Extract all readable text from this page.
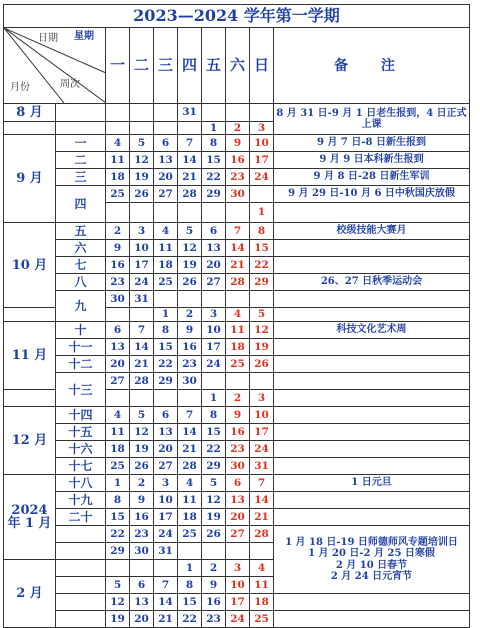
2023—2024 学年第一学期									

日期 星期
月份 周次		一	二	三	四	五	六	日	备 注
8 月					31				8 月 31 日-9 月 1 日老生报到，4 日正式上课
						1	2	3	
9 月	一	4	5	6	7	8	9	10	9 月 7 日-8 日新生报到
	二	11	12	13	14	15	16	17	9 月 9 日本科新生报到
	三	18	19	20	21	22	23	24	9 月 8 日-28 日新生军训
	四	25	26	27	28	29	30		9 月 29 日-10 月 6 日中秋国庆放假
								1	
10 月	五	2	3	4	5	6	7	8	校级技能大赛月
	六	9	10	11	12	13	14	15	
	七	16	17	18	19	20	21	22	
	八	23	24	25	26	27	28	29	26、27 日秋季运动会
	九	30	31						
				1	2	3	4	5	
11 月	十	6	7	8	9	10	11	12	科技文化艺术周
	十一	13	14	15	16	17	18	19	
	十二	20	21	22	23	24	25	26	
	十三	27	28	29	30				
						1	2	3	
12 月	十四	4	5	6	7	8	9	10	
	十五	11	12	13	14	15	16	17	
	十六	18	19	20	21	22	23	24	
	十七	25	26	27	28	29	30	31	
2024 年 1 月	十八	1	2	3	4	5	6	7	1 日元旦
	十九	8	9	10	11	12	13	14	
	二十	15	16	17	18	19	20	21	
		22	23	24	25	26	27	28	1 月 18 日-19 日师德师风专题培训日
1 月 20 日-2 月 25 日寒假
2 月 10 日春节
2 月 24 日元宵节
		29	30	31					
2 月					1	2	3	4	
		5	6	7	8	9	10	11	
		12	13	14	15	16	17	18	
		19	20	21	22	23	24	25	
